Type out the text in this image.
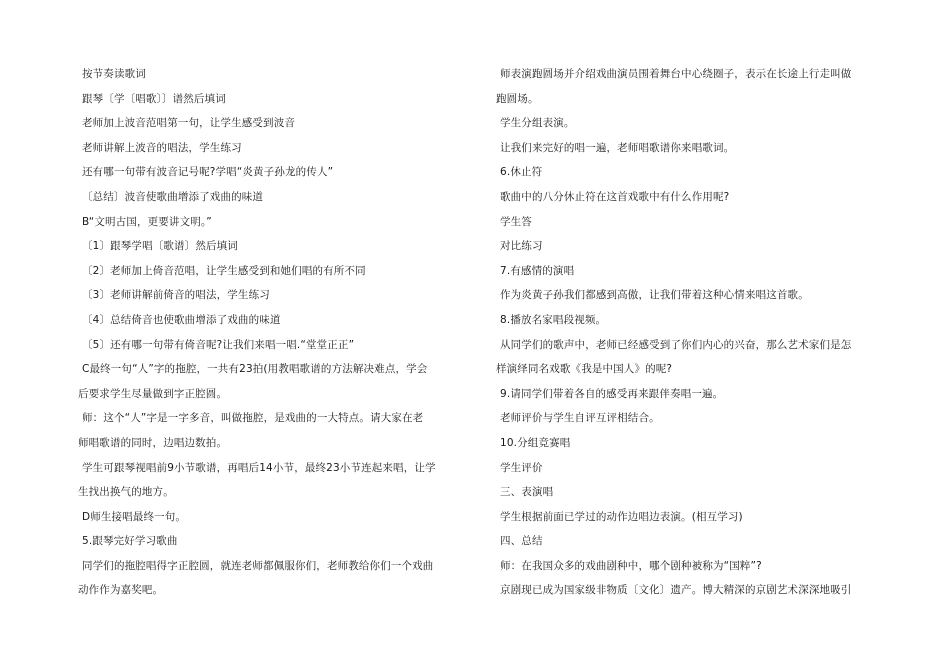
按节奏读歌词
跟琴〔学〔唱歌〕〕谱然后填词
老师加上波音范唱第一句，让学生感受到波音
老师讲解上波音的唱法，学生练习
还有哪一句带有波音记号呢?学唱“炎黄子孙龙的传人”
〔总结〕波音使歌曲增添了戏曲的味道
B“文明古国，更要讲文明。”
〔1〕跟琴学唱〔歌谱〕然后填词
〔2〕老师加上倚音范唱，让学生感受到和她们唱的有所不同
〔3〕老师讲解前倚音的唱法，学生练习
〔4〕总结倚音也使歌曲增添了戏曲的味道
〔5〕还有哪一句带有倚音呢?让我们来唱一唱.“堂堂正正”
C最终一句“人”字的拖腔，一共有23拍(用教唱歌谱的方法解决难点，学会
后要求学生尽量做到字正腔圆。
师：这个“人”字是一字多音，叫做拖腔，是戏曲的一大特点。请大家在老
师唱歌谱的同时，边唱边数拍。
学生可跟琴视唱前9小节歌谱，再唱后14小节，最终23小节连起来唱，让学
生找出换气的地方。
D师生接唱最终一句。
5.跟琴完好学习歌曲
同学们的拖腔唱得字正腔圆，就连老师都佩服你们，老师教给你们一个戏曲
动作作为嘉奖吧。
师表演跑圆场并介绍戏曲演员围着舞台中心绕圈子，表示在长途上行走叫做
跑圆场。
学生分组表演。
让我们来完好的唱一遍，老师唱歌谱你来唱歌词。
6.休止符
歌曲中的八分休止符在这首戏歌中有什么作用呢?
学生答
对比练习
7.有感情的演唱
作为炎黄子孙我们都感到高傲，让我们带着这种心情来唱这首歌。
8.播放名家唱段视频。
从同学们的歌声中，老师已经感受到了你们内心的兴奋，那么艺术家们是怎
样演绎同名戏歌《我是中国人》的呢?
9.请同学们带着各自的感受再来跟伴奏唱一遍。
老师评价与学生自评互评相结合。
10.分组竞赛唱
学生评价
三、表演唱
学生根据前面已学过的动作边唱边表演。(相互学习)
四、总结
师：在我国众多的戏曲剧种中，哪个剧种被称为“国粹”?
京剧现已成为国家级非物质〔文化〕遗产。博大精深的京剧艺术深深地吸引
